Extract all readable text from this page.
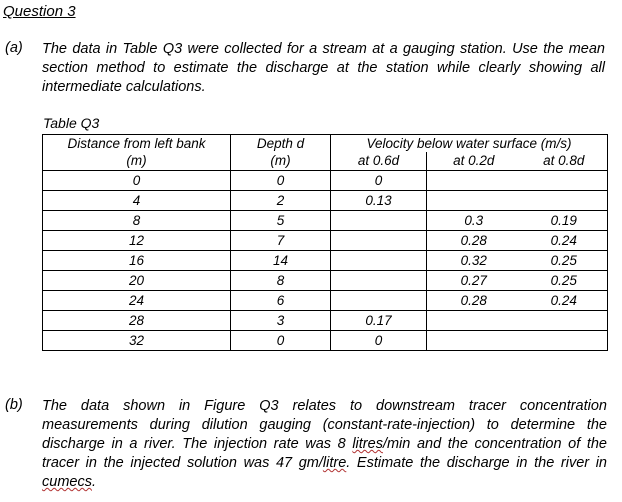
Question 3
(a) The data in Table Q3 were collected for a stream at a gauging station. Use the mean section method to estimate the discharge at the station while clearly showing all intermediate calculations.
Table Q3
Distance from left bank	Depth d	Velocity below water surface (m/s)		
(m)	(m)	at 0.6d	at 0.2d	at 0.8d
0	0	0		
4	2	0.13		
8	5		0.3	0.19
12	7		0.28	0.24
16	14		0.32	0.25
20	8		0.27	0.25
24	6		0.28	0.24
28	3	0.17		
32	0	0		
(b) The data shown in Figure Q3 relates to downstream tracer concentration measurements during dilution gauging (constant-rate-injection) to determine the discharge in a river. The injection rate was 8 litres/min and the concentration of the tracer in the injected solution was 47 gm/litre. Estimate the discharge in the river in cumecs.
